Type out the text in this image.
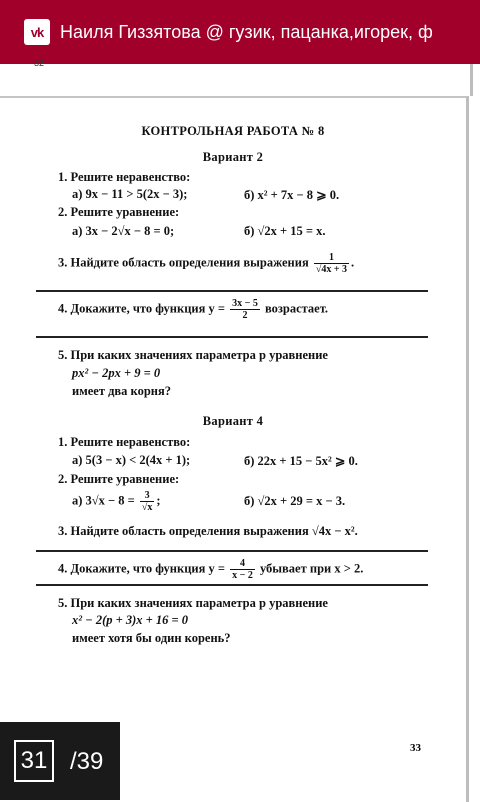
vk Наиля Гиззятова @ гузик, пацанка,игорек, ф
32
КОНТРОЛЬНАЯ РАБОТА № 8
Вариант 2
1. Решите неравенство:
а) 9x − 11 > 5(2x − 3);	б) x² + 7x − 8 ⩾ 0.
2. Решите уравнение:
а) 3x − 2√x − 8 = 0;	б) √2x + 15 = x.
3. Найдите область определения выражения $\frac{1}{√4x + 3}$ .
4. Докажите, что функция $y = \frac{3x - 5}{2}$ возрастает.
5. При каких значениях параметра p уравнение
px² − 2px + 9 = 0
имеет два корня?
Вариант 4
1. Решите неравенство:
а) 5(3 − x) < 2(4x + 1);	б) 22x + 15 − 5x² ⩾ 0.
2. Решите уравнение:
а) $3√x - 8 = \frac{3}{√x}$ ;	б) √2x + 29 = x − 3.
3. Найдите область определения выражения √4x − x².
4. Докажите, что функция $y = \frac{4}{x - 2}$ убывает при x > 2.
5. При каких значениях параметра p уравнение
x² − 2(p + 3)x + 16 = 0
имеет хотя бы один корень?
33
31 /39
